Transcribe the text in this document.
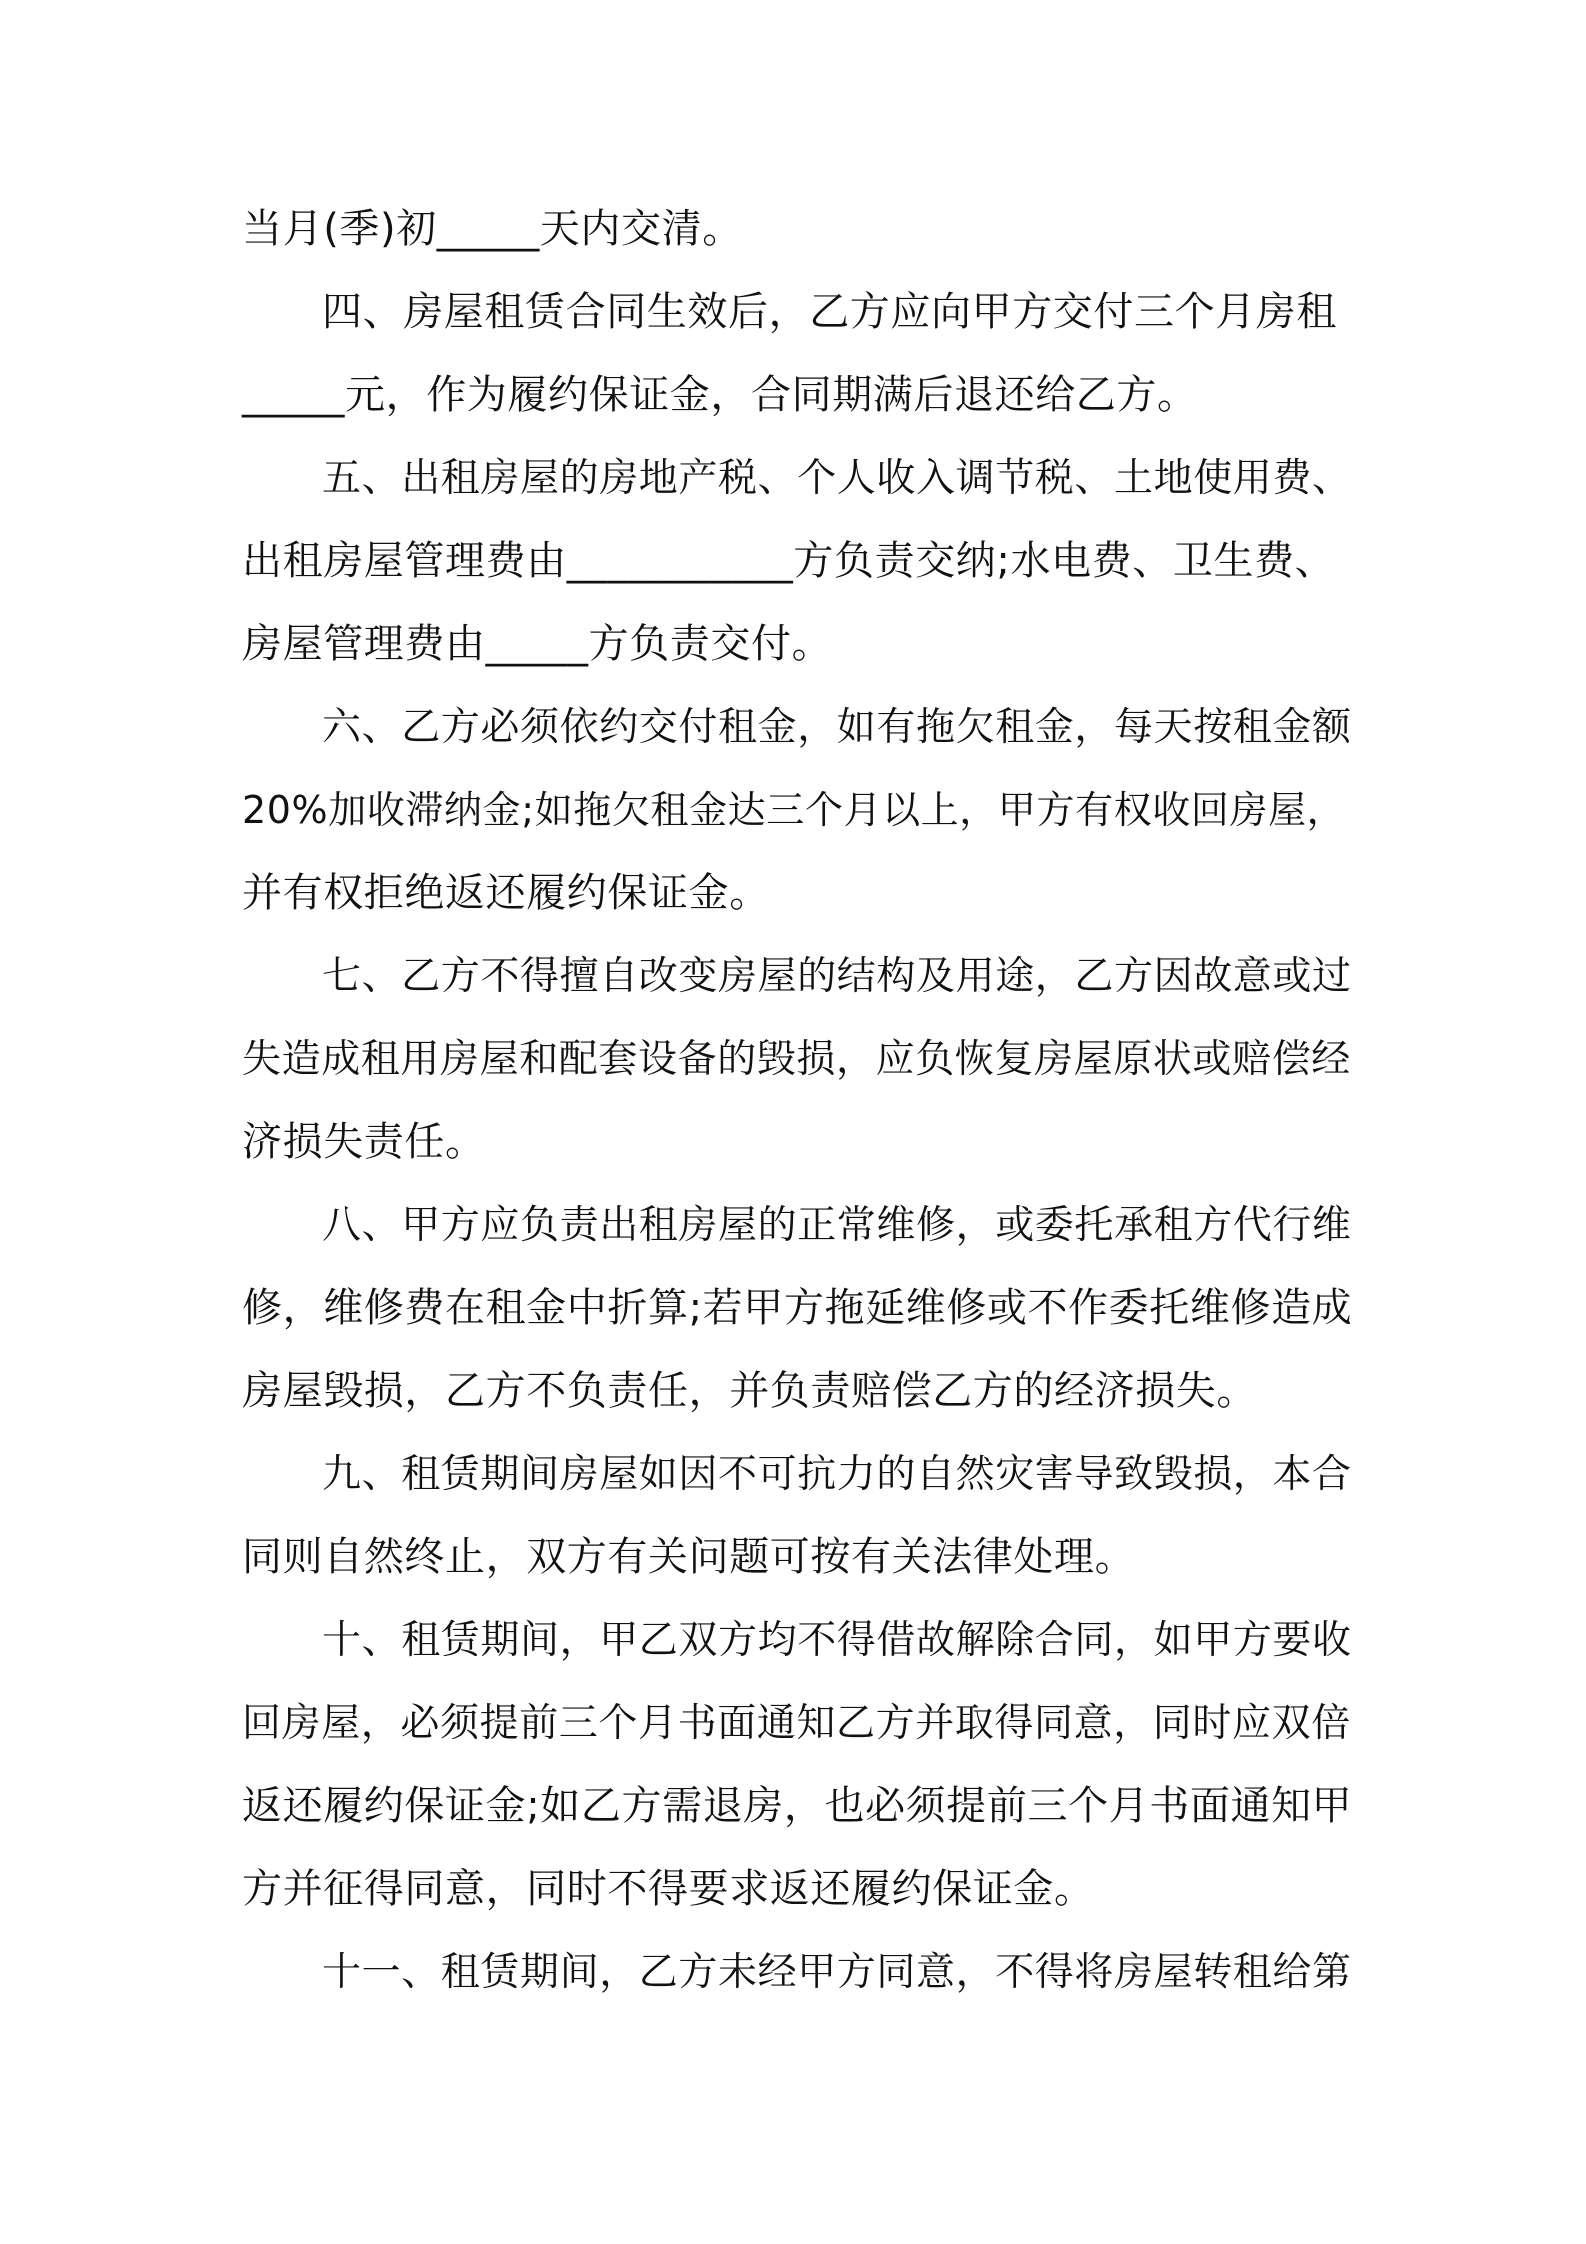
当月(季)初_____天内交清。
四、房屋租赁合同生效后，乙方应向甲方交付三个月房租
_____元，作为履约保证金，合同期满后退还给乙方。
五、出租房屋的房地产税、个人收入调节税、土地使用费、
出租房屋管理费由___________方负责交纳;水电费、卫生费、
房屋管理费由_____方负责交付。
六、乙方必须依约交付租金，如有拖欠租金，每天按租金额
20%加收滞纳金;如拖欠租金达三个月以上，甲方有权收回房屋，
并有权拒绝返还履约保证金。
七、乙方不得擅自改变房屋的结构及用途，乙方因故意或过
失造成租用房屋和配套设备的毁损，应负恢复房屋原状或赔偿经
济损失责任。
八、甲方应负责出租房屋的正常维修，或委托承租方代行维
修，维修费在租金中折算;若甲方拖延维修或不作委托维修造成
房屋毁损，乙方不负责任，并负责赔偿乙方的经济损失。
九、租赁期间房屋如因不可抗力的自然灾害导致毁损，本合
同则自然终止，双方有关问题可按有关法律处理。
十、租赁期间，甲乙双方均不得借故解除合同，如甲方要收
回房屋，必须提前三个月书面通知乙方并取得同意，同时应双倍
返还履约保证金;如乙方需退房，也必须提前三个月书面通知甲
方并征得同意，同时不得要求返还履约保证金。
十一、租赁期间，乙方未经甲方同意，不得将房屋转租给第
